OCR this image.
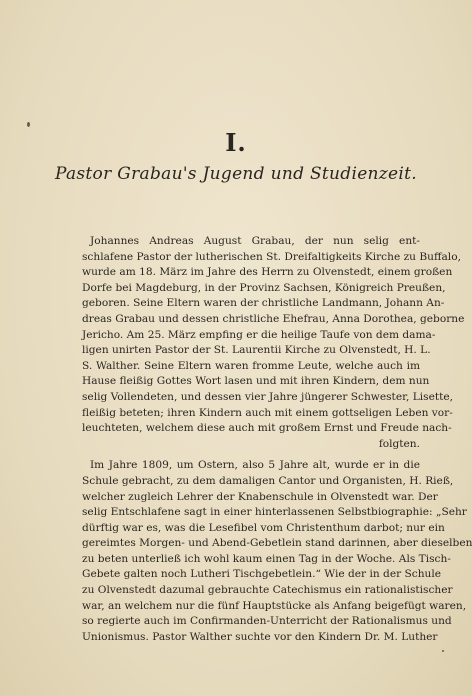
I.
Pastor Grabau's Jugend und Studienzeit.
Johannes Andreas August Grabau, der nun selig ent-
schlafene Pastor der lutherischen St. Dreifaltigkeits Kirche zu Buffalo,
wurde am 18. März im Jahre des Herrn zu Olvenstedt, einem großen
Dorfe bei Magdeburg, in der Provinz Sachsen, Königreich Preußen,
geboren. Seine Eltern waren der christliche Landmann, Johann An-
dreas Grabau und dessen christliche Ehefrau, Anna Dorothea, geborne
Jericho. Am 25. März empfing er die heilige Taufe von dem damа-
ligen unirten Pastor der St. Laurentii Kirche zu Olvenstedt, H. L.
S. Walther. Seine Eltern waren fromme Leute, welche auch im
Hause fleißig Gottes Wort lasen und mit ihren Kindern, dem nun
selig Vollendeten, und dessen vier Jahre jüngerer Schwester, Lisette,
fleißig beteten; ihren Kindern auch mit einem gottseligen Leben vor-
leuchteten, welchem diese auch mit großem Ernst und Freude nach-
folgten.
Im Jahre 1809, um Ostern, also 5 Jahre alt, wurde er in die
Schule gebracht, zu dem damaligen Cantor und Organisten, H. Rieß,
welcher zugleich Lehrer der Knabenschule in Olvenstedt war. Der
selig Entschlafene sagt in einer hinterlassenen Selbstbiographie: „Sehr
dürftig war es, was die Lesefibel vom Christenthum darbot; nur ein
gereimtes Morgen- und Abend-Gebetlein stand darinnen, aber dieselben
zu beten unterließ ich wohl kaum einen Tag in der Woche. Als Tisch-
Gebete galten noch Lutheri Tischgebetlein.“ Wie der in der Schule
zu Olvenstedt dazumal gebrauchte Catechismus ein rationalistischer
war, an welchem nur die fünf Hauptstücke als Anfang beigefügt waren,
so regierte auch im Confirmanden-Unterricht der Rationalismus und
Unionismus. Pastor Walther suchte vor den Kindern Dr. M. Luther
